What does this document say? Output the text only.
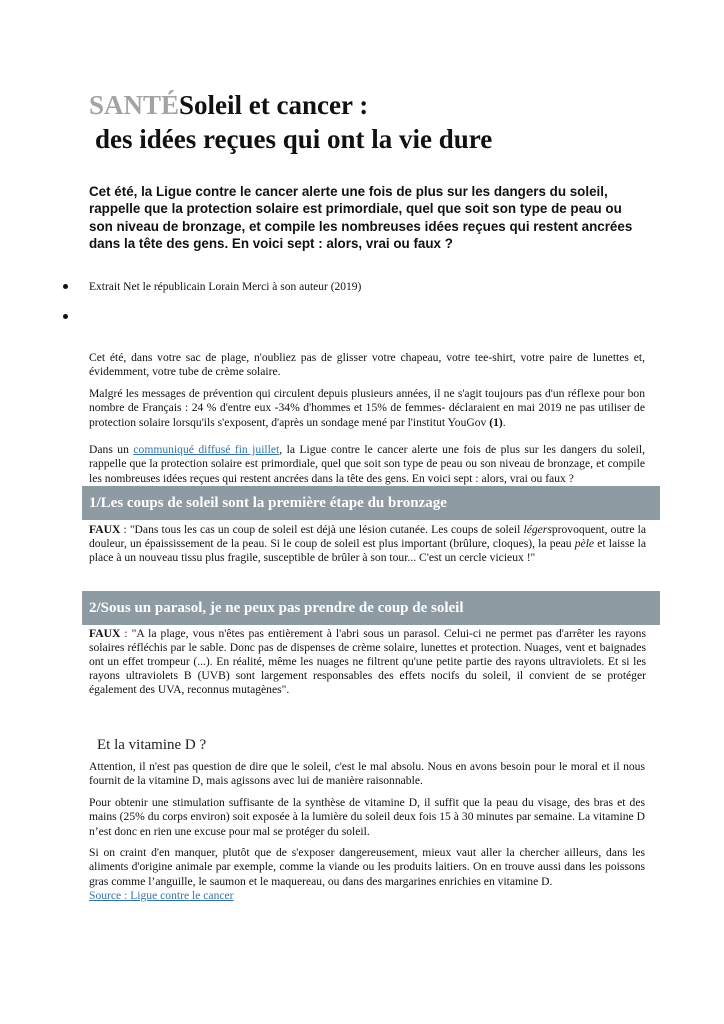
SANTÉSoleil et cancer :
des idées reçues qui ont la vie dure
Cet été, la Ligue contre le cancer alerte une fois de plus sur les dangers du soleil, rappelle que la protection solaire est primordiale, quel que soit son type de peau ou son niveau de bronzage, et compile les nombreuses idées reçues qui restent ancrées dans la tête des gens. En voici sept : alors, vrai ou faux ?
Extrait Net le républicain Lorain Merci à son auteur (2019)

Cet été, dans votre sac de plage, n'oubliez pas de glisser votre chapeau, votre tee-shirt, votre paire de lunettes et, évidemment, votre tube de crème solaire.

Malgré les messages de prévention qui circulent depuis plusieurs années, il ne s'agit toujours pas d'un réflexe pour bon nombre de Français : 24 % d'entre eux -34% d'hommes et 15% de femmes- déclaraient en mai 2019 ne pas utiliser de protection solaire lorsqu'ils s'exposent, d'après un sondage mené par l'institut YouGov (1).

Dans un communiqué diffusé fin juillet, la Ligue contre le cancer alerte une fois de plus sur les dangers du soleil, rappelle que la protection solaire est primordiale, quel que soit son type de peau ou son niveau de bronzage, et compile les nombreuses idées reçues qui restent ancrées dans la tête des gens. En voici sept : alors, vrai ou faux ?

1/Les coups de soleil sont la première étape du bronzage
FAUX : "Dans tous les cas un coup de soleil est déjà une lésion cutanée. Les coups de soleil légersprovoquent, outre la douleur, un épaississement de la peau. Si le coup de soleil est plus important (brûlure, cloques), la peau pèle et laisse la place à un nouveau tissu plus fragile, susceptible de brûler à son tour... C'est un cercle vicieux !"
2/Sous un parasol, je ne peux pas prendre de coup de soleil
FAUX : "A la plage, vous n'êtes pas entièrement à l'abri sous un parasol. Celui-ci ne permet pas d'arrêter les rayons solaires réfléchis par le sable. Donc pas de dispenses de crème solaire, lunettes et protection. Nuages, vent et baignades ont un effet trompeur (...). En réalité, même les nuages ne filtrent qu'une petite partie des rayons ultraviolets. Et si les rayons ultraviolets B (UVB) sont largement responsables des effets nocifs du soleil, il convient de se protéger également des UVA, reconnus mutagènes".
Et la vitamine D ?

Attention, il n'est pas question de dire que le soleil, c'est le mal absolu. Nous en avons besoin pour le moral et il nous fournit de la vitamine D, mais agissons avec lui de manière raisonnable.

Pour obtenir une stimulation suffisante de la synthèse de vitamine D, il suffit que la peau du visage, des bras et des mains (25% du corps environ) soit exposée à la lumière du soleil deux fois 15 à 30 minutes par semaine. La vitamine D n’est donc en rien une excuse pour mal se protéger du soleil.

Si on craint d'en manquer, plutôt que de s'exposer dangereusement, mieux vaut aller la chercher ailleurs, dans les aliments d'origine animale par exemple, comme la viande ou les produits laitiers. On en trouve aussi dans les poissons gras comme l’anguille, le saumon et le maquereau, ou dans des margarines enrichies en vitamine D.

Source : Ligue contre le cancer
